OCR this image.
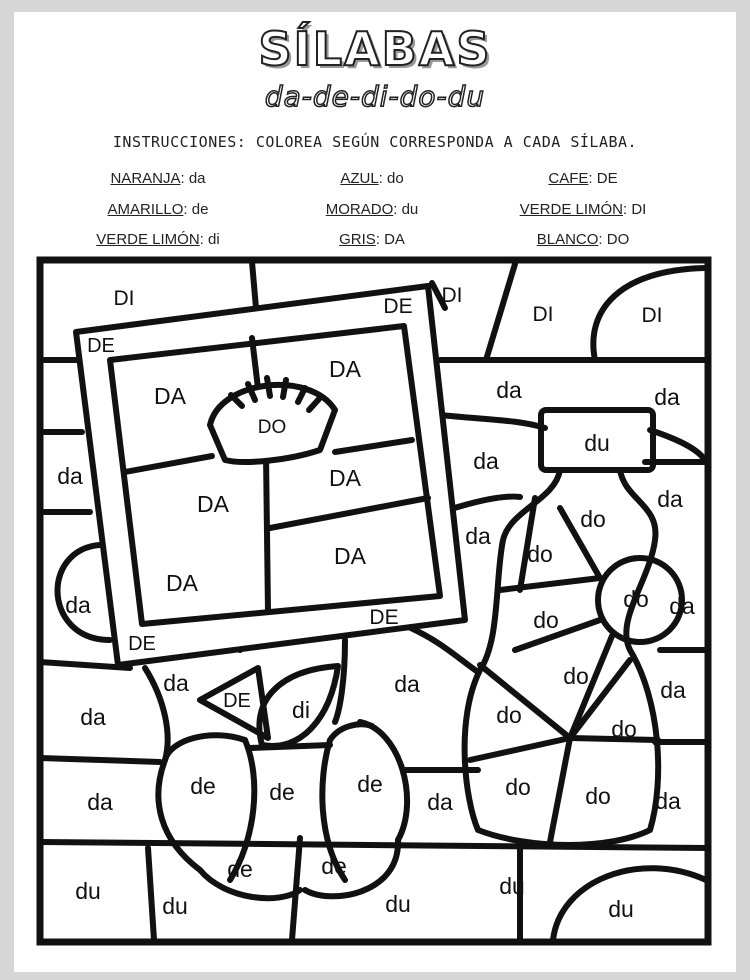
SÍLABAS
da-de-di-do-du
INSTRUCCIONES: COLOREA SEGÚN CORRESPONDA A CADA SÍLABA.
NARANJA: da	AZUL: do	CAFE: DE
AMARILLO: de	MORADO: du	VERDE LIMÓN: DI
VERDE LIMÓN: di	GRIS: DA	BLANCO: DO
DI	DE DI
DI	DI
DE
DA
DA
DO
da	da
da
du
DA
DA
da
da
do
da
DA
DA
da
do
DE	do
do da
DE
da	do
da
DE
da	di	do
da
da
do
do
de de	de
da	do da
de	de
du
du	du
du
du
